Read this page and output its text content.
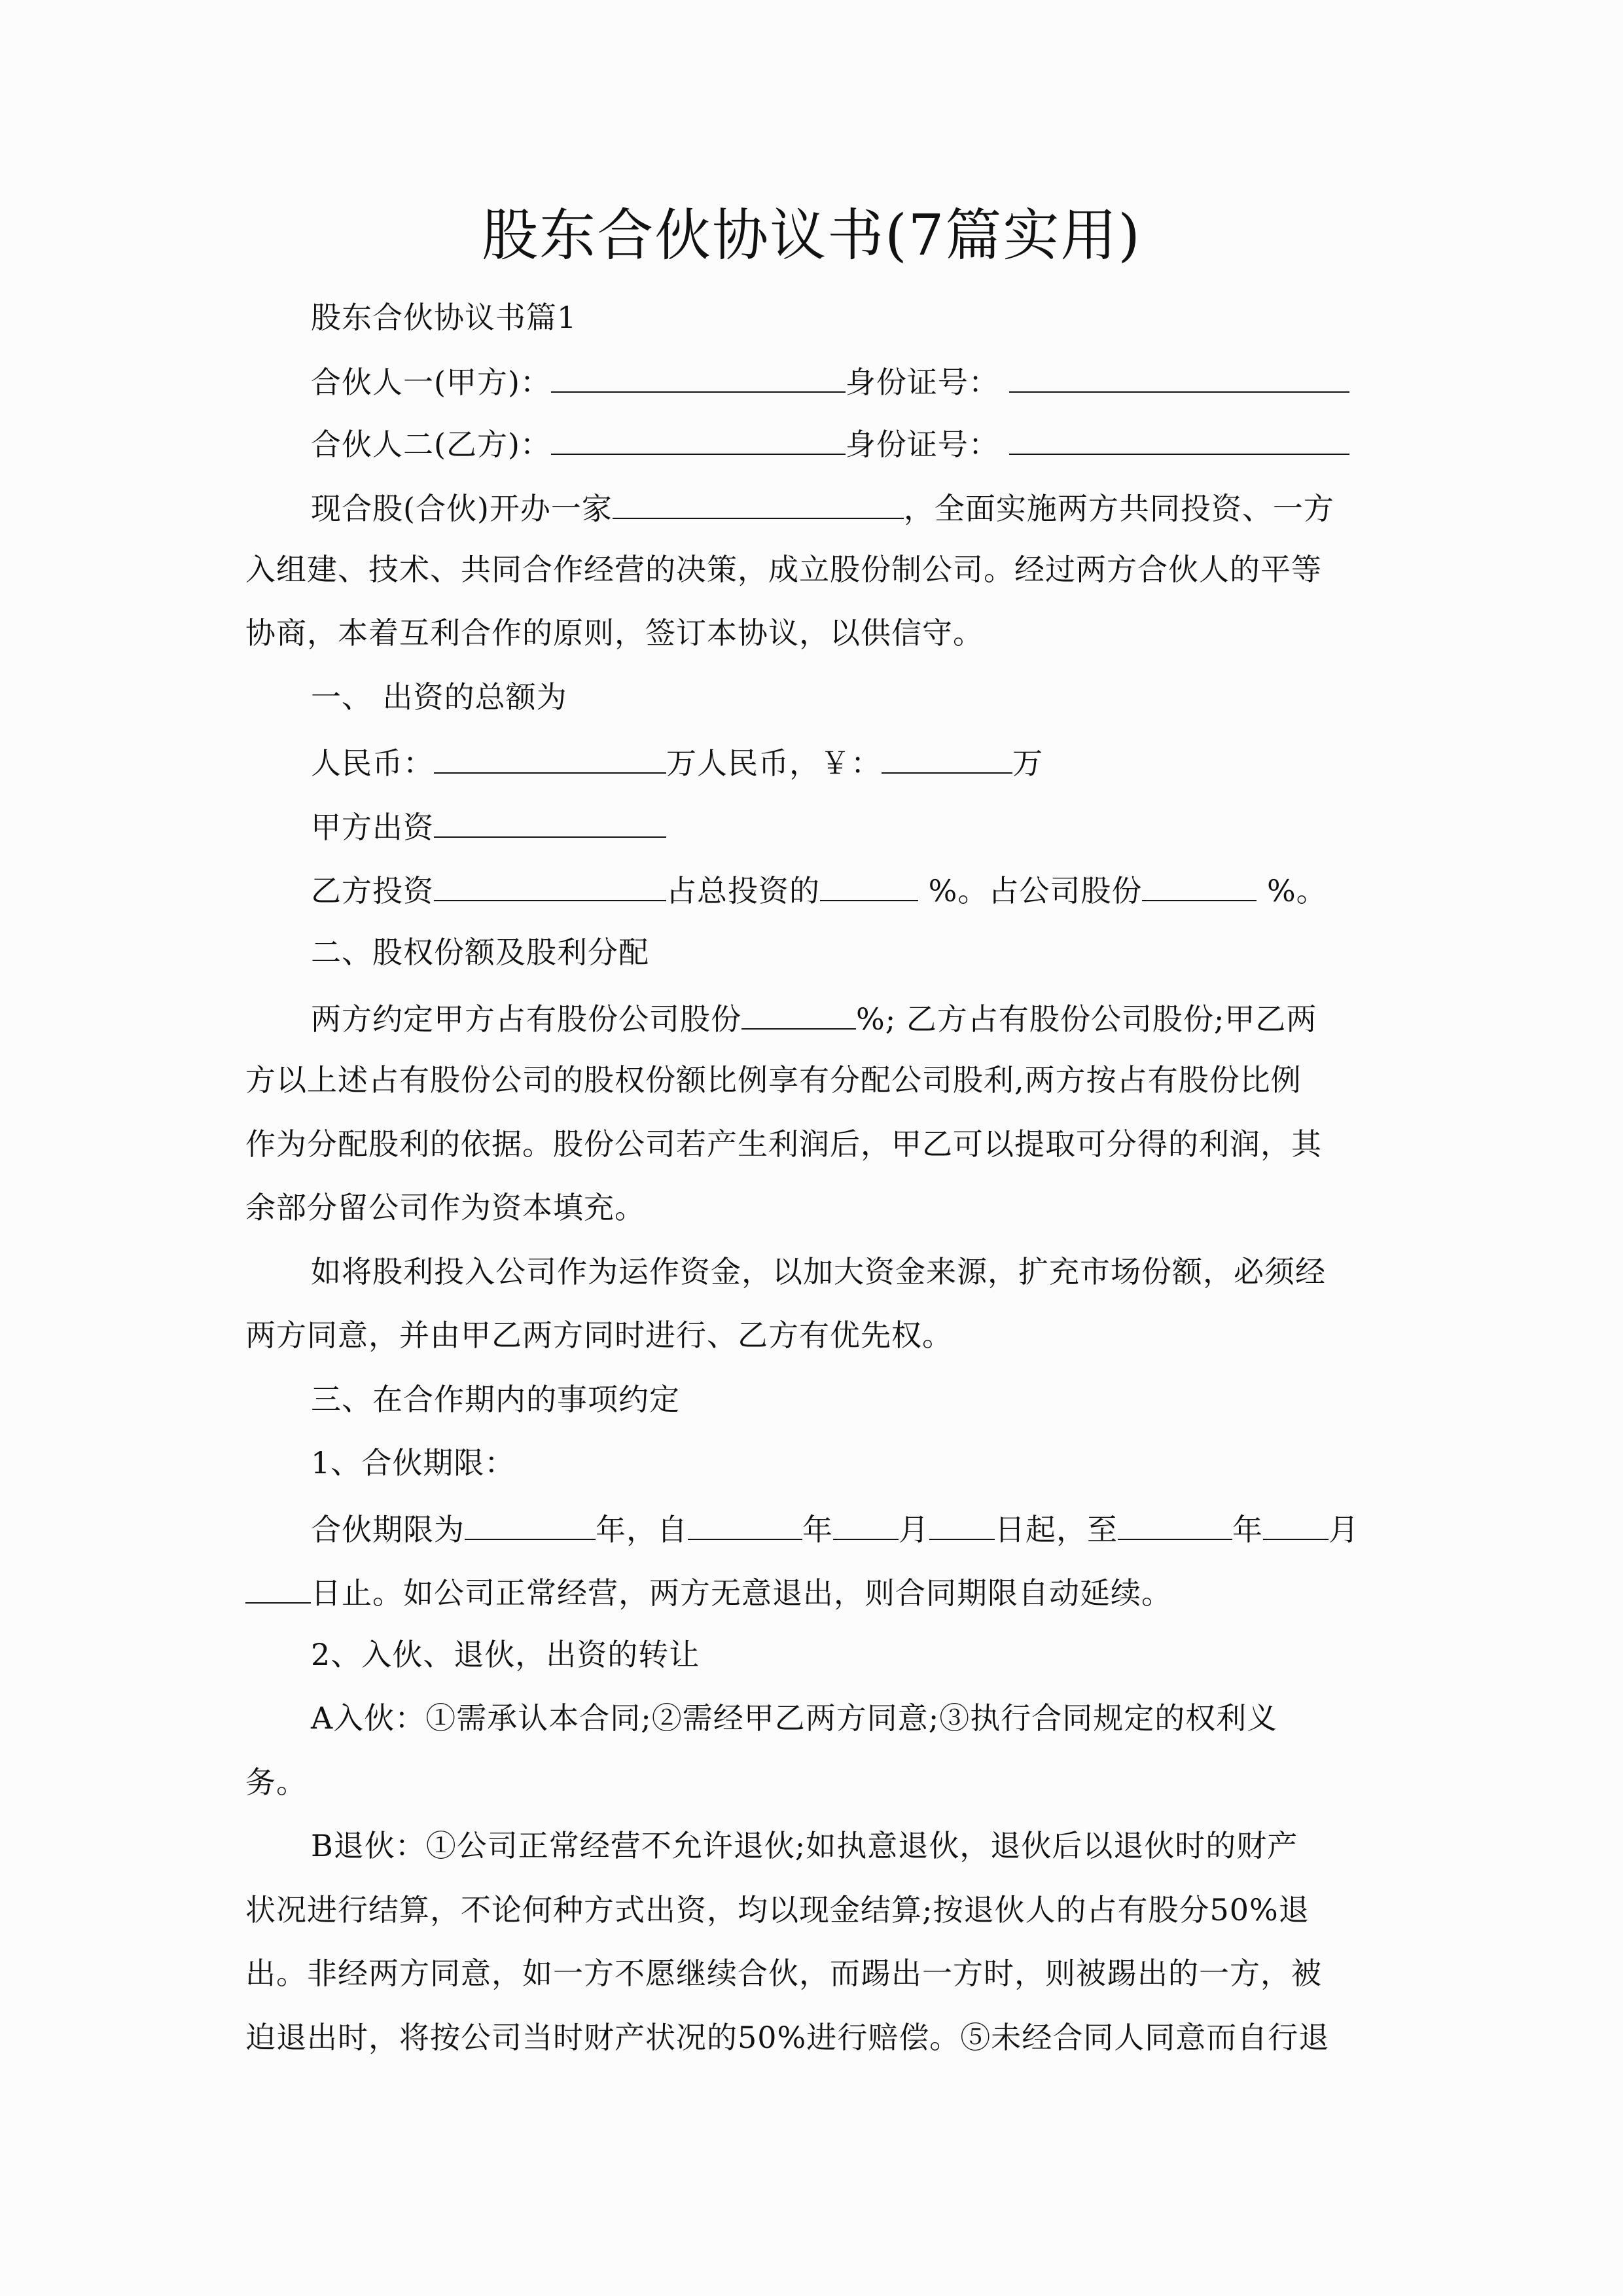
股东合伙协议书(7篇实用)
股东合伙协议书篇1
合伙人一(甲方)：	身份证号：
合伙人二(乙方)：	身份证号：
现合股(合伙)开办一家	，全面实施两方共同投资、一方
入组建、技术、共同合作经营的决策，成立股份制公司。经过两方合伙人的平等
协商，本着互利合作的原则，签订本协议，以供信守。
一、 出资的总额为
人民币：	万人民币，￥：	万
甲方出资
乙方投资	占总投资的	%。占公司股份	%。
二、股权份额及股利分配
两方约定甲方占有股份公司股份	%; 乙方占有股份公司股份;甲乙两
方以上述占有股份公司的股权份额比例享有分配公司股利,两方按占有股份比例
作为分配股利的依据。股份公司若产生利润后，甲乙可以提取可分得的利润，其
余部分留公司作为资本填充。
如将股利投入公司作为运作资金，以加大资金来源，扩充市场份额，必须经
两方同意，并由甲乙两方同时进行、乙方有优先权。
三、在合作期内的事项约定
1、合伙期限：
合伙期限为	年，自	年 月 日起，至	年 月
日止。如公司正常经营，两方无意退出，则合同期限自动延续。
2、入伙、退伙，出资的转让
A入伙：①需承认本合同;②需经甲乙两方同意;③执行合同规定的权利义
务。
B退伙：①公司正常经营不允许退伙;如执意退伙，退伙后以退伙时的财产
状况进行结算，不论何种方式出资，均以现金结算;按退伙人的占有股分50%退
出。非经两方同意，如一方不愿继续合伙，而踢出一方时，则被踢出的一方，被
迫退出时，将按公司当时财产状况的50%进行赔偿。⑤未经合同人同意而自行退
